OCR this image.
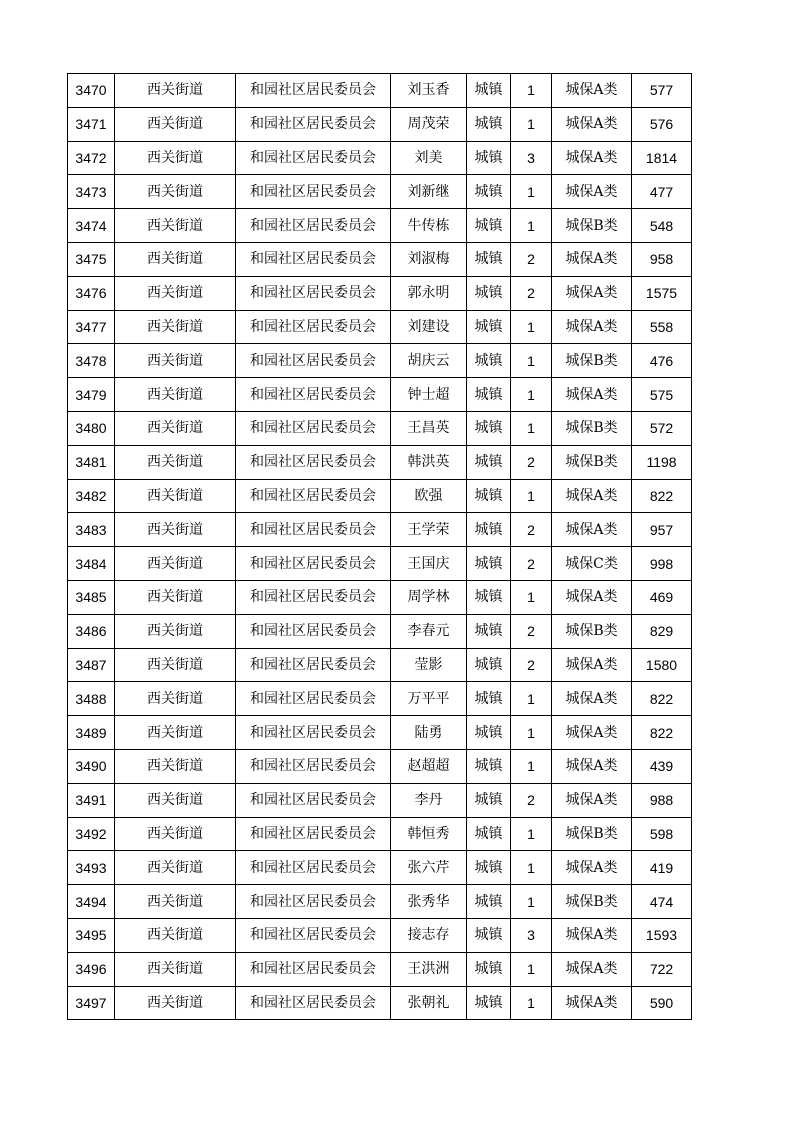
3470	西关街道	和园社区居民委员会	刘玉香	城镇	1	城保A类	577
3471	西关街道	和园社区居民委员会	周茂荣	城镇	1	城保A类	576
3472	西关街道	和园社区居民委员会	刘美	城镇	3	城保A类	1814
3473	西关街道	和园社区居民委员会	刘新继	城镇	1	城保A类	477
3474	西关街道	和园社区居民委员会	牛传栋	城镇	1	城保B类	548
3475	西关街道	和园社区居民委员会	刘淑梅	城镇	2	城保A类	958
3476	西关街道	和园社区居民委员会	郭永明	城镇	2	城保A类	1575
3477	西关街道	和园社区居民委员会	刘建设	城镇	1	城保A类	558
3478	西关街道	和园社区居民委员会	胡庆云	城镇	1	城保B类	476
3479	西关街道	和园社区居民委员会	钟士超	城镇	1	城保A类	575
3480	西关街道	和园社区居民委员会	王昌英	城镇	1	城保B类	572
3481	西关街道	和园社区居民委员会	韩洪英	城镇	2	城保B类	1198
3482	西关街道	和园社区居民委员会	欧强	城镇	1	城保A类	822
3483	西关街道	和园社区居民委员会	王学荣	城镇	2	城保A类	957
3484	西关街道	和园社区居民委员会	王国庆	城镇	2	城保C类	998
3485	西关街道	和园社区居民委员会	周学林	城镇	1	城保A类	469
3486	西关街道	和园社区居民委员会	李春元	城镇	2	城保B类	829
3487	西关街道	和园社区居民委员会	莹影	城镇	2	城保A类	1580
3488	西关街道	和园社区居民委员会	万平平	城镇	1	城保A类	822
3489	西关街道	和园社区居民委员会	陆勇	城镇	1	城保A类	822
3490	西关街道	和园社区居民委员会	赵超超	城镇	1	城保A类	439
3491	西关街道	和园社区居民委员会	李丹	城镇	2	城保A类	988
3492	西关街道	和园社区居民委员会	韩恒秀	城镇	1	城保B类	598
3493	西关街道	和园社区居民委员会	张六芹	城镇	1	城保A类	419
3494	西关街道	和园社区居民委员会	张秀华	城镇	1	城保B类	474
3495	西关街道	和园社区居民委员会	接志存	城镇	3	城保A类	1593
3496	西关街道	和园社区居民委员会	王洪洲	城镇	1	城保A类	722
3497	西关街道	和园社区居民委员会	张朝礼	城镇	1	城保A类	590
